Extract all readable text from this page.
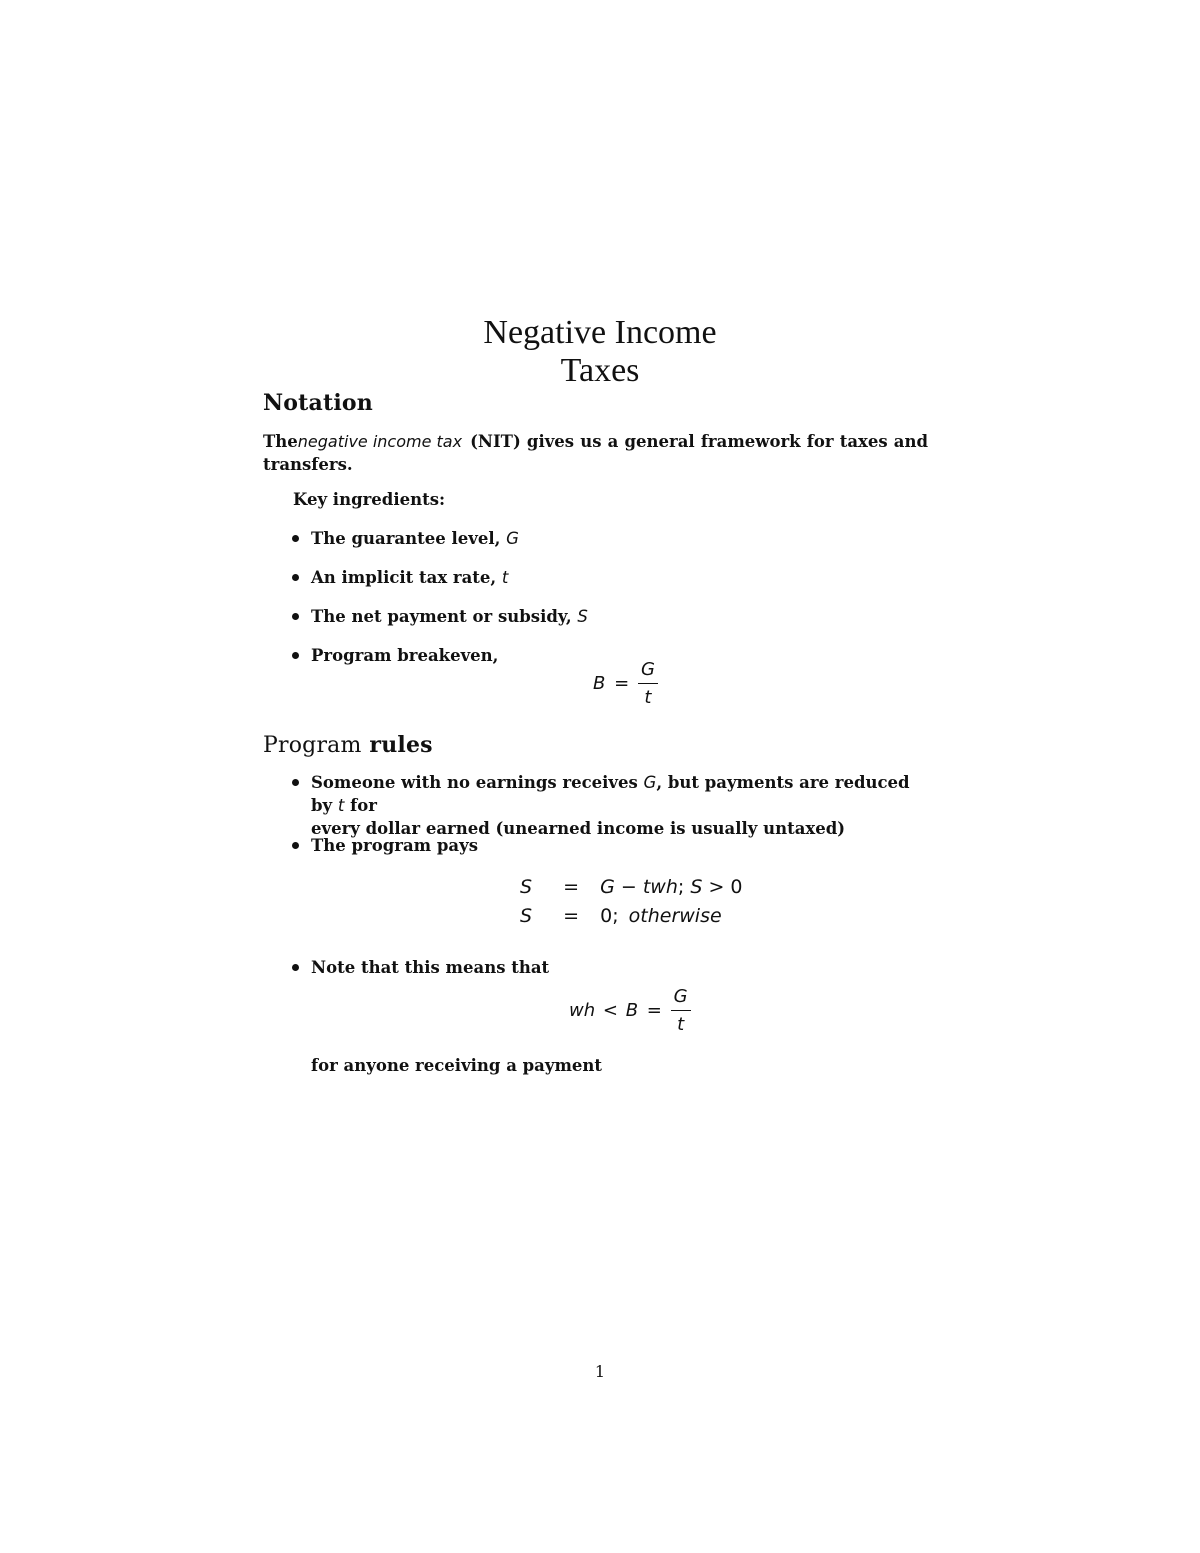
Negative Income
Taxes
Notation
The negative income tax (NIT) gives us a general framework for taxes and
transfers.
Key ingredients:
The guarantee level, G
An implicit tax rate, t
The net payment or subsidy, S
Program breakeven,
$B = \frac{G}{t}$
Program rules
Someone with no earnings receives G, but payments are reduced by t for
every dollar earned (unearned income is usually untaxed)
The program pays
S = G − twh; S > 0
S = 0; otherwise
Note that this means that
wh < $B = \frac{G}{t}$
for anyone receiving a payment
1
